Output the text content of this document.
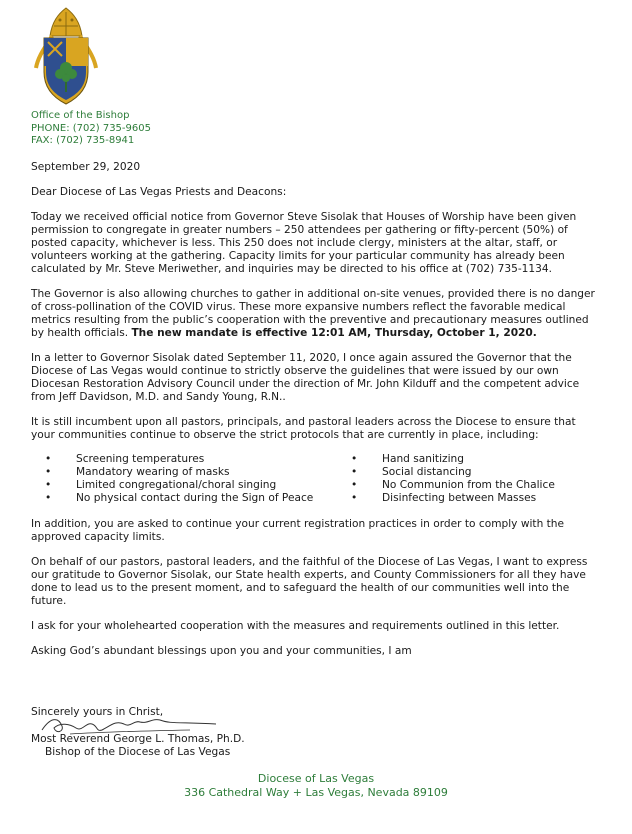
Office of the Bishop
PHONE: (702) 735-9605
FAX: (702) 735-8941

September 29, 2020

Dear Diocese of Las Vegas Priests and Deacons:

Today we received official notice from Governor Steve Sisolak that Houses of Worship have been given permission to congregate in greater numbers – 250 attendees per gathering or fifty-percent (50%) of posted capacity, whichever is less. This 250 does not include clergy, ministers at the altar, staff, or volunteers working at the gathering. Capacity limits for your particular community has already been calculated by Mr. Steve Meriwether, and inquiries may be directed to his office at (702) 735-1134.

The Governor is also allowing churches to gather in additional on-site venues, provided there is no danger of cross-pollination of the COVID virus. These more expansive numbers reflect the favorable medical metrics resulting from the public’s cooperation with the preventive and precautionary measures outlined by health officials. The new mandate is effective 12:01 AM, Thursday, October 1, 2020.

In a letter to Governor Sisolak dated September 11, 2020, I once again assured the Governor that the Diocese of Las Vegas would continue to strictly observe the guidelines that were issued by our own Diocesan Restoration Advisory Council under the direction of Mr. John Kilduff and the competent advice from Jeff Davidson, M.D. and Sandy Young, R.N..

It is still incumbent upon all pastors, principals, and pastoral leaders across the Diocese to ensure that your communities continue to observe the strict protocols that are currently in place, including:

• Screening temperatures
• Mandatory wearing of masks
• Limited congregational/choral singing
• No physical contact during the Sign of Peace
• Hand sanitizing
• Social distancing
• No Communion from the Chalice
• Disinfecting between Masses

In addition, you are asked to continue your current registration practices in order to comply with the approved capacity limits.

On behalf of our pastors, pastoral leaders, and the faithful of the Diocese of Las Vegas, I want to express our gratitude to Governor Sisolak, our State health experts, and County Commissioners for all they have done to lead us to the present moment, and to safeguard the health of our communities well into the future.

I ask for your wholehearted cooperation with the measures and requirements outlined in this letter.

Asking God’s abundant blessings upon you and your communities, I am

Sincerely yours in Christ,
Most Reverend George L. Thomas, Ph.D.
Bishop of the Diocese of Las Vegas
Diocese of Las Vegas
336 Cathedral Way + Las Vegas, Nevada 89109
